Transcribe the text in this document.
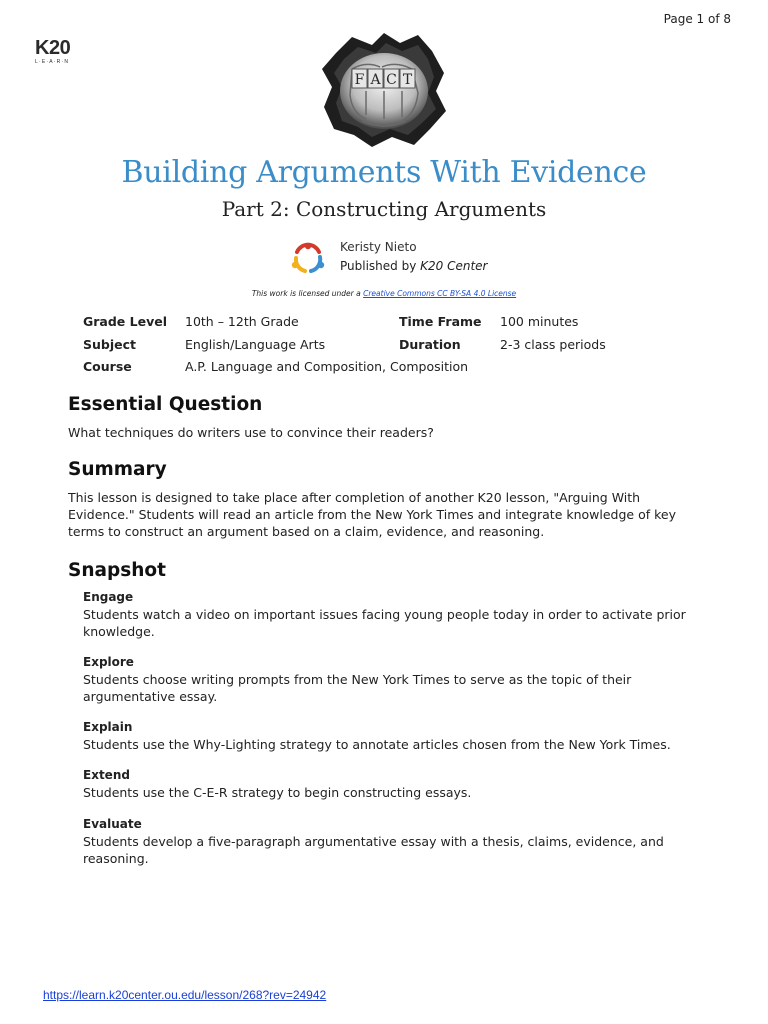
Page 1 of 8
K20
L·E·A·R·N
F A C T
Building Arguments With Evidence
Part 2: Constructing Arguments
Keristy Nieto
Published by K20 Center
This work is licensed under a Creative Commons CC BY-SA 4.0 License
Grade Level 10th – 12th Grade	Time Frame 100 minutes
Subject	English/Language Arts	Duration	2-3 class periods
Course	A.P. Language and Composition, Composition
Essential Question

What techniques do writers use to convince their readers?

Summary

This lesson is designed to take place after completion of another K20 lesson, "Arguing With Evidence." Students will read an article from the New York Times and integrate knowledge of key terms to construct an argument based on a claim, evidence, and reasoning.

Snapshot
Engage

Students watch a video on important issues facing young people today in order to activate prior knowledge.

Explore

Students choose writing prompts from the New York Times to serve as the topic of their argumentative essay.

Explain

Students use the Why-Lighting strategy to annotate articles chosen from the New York Times.

Extend

Students use the C-E-R strategy to begin constructing essays.

Evaluate

Students develop a five-paragraph argumentative essay with a thesis, claims, evidence, and reasoning.

https://learn.k20center.ou.edu/lesson/268?rev=24942
